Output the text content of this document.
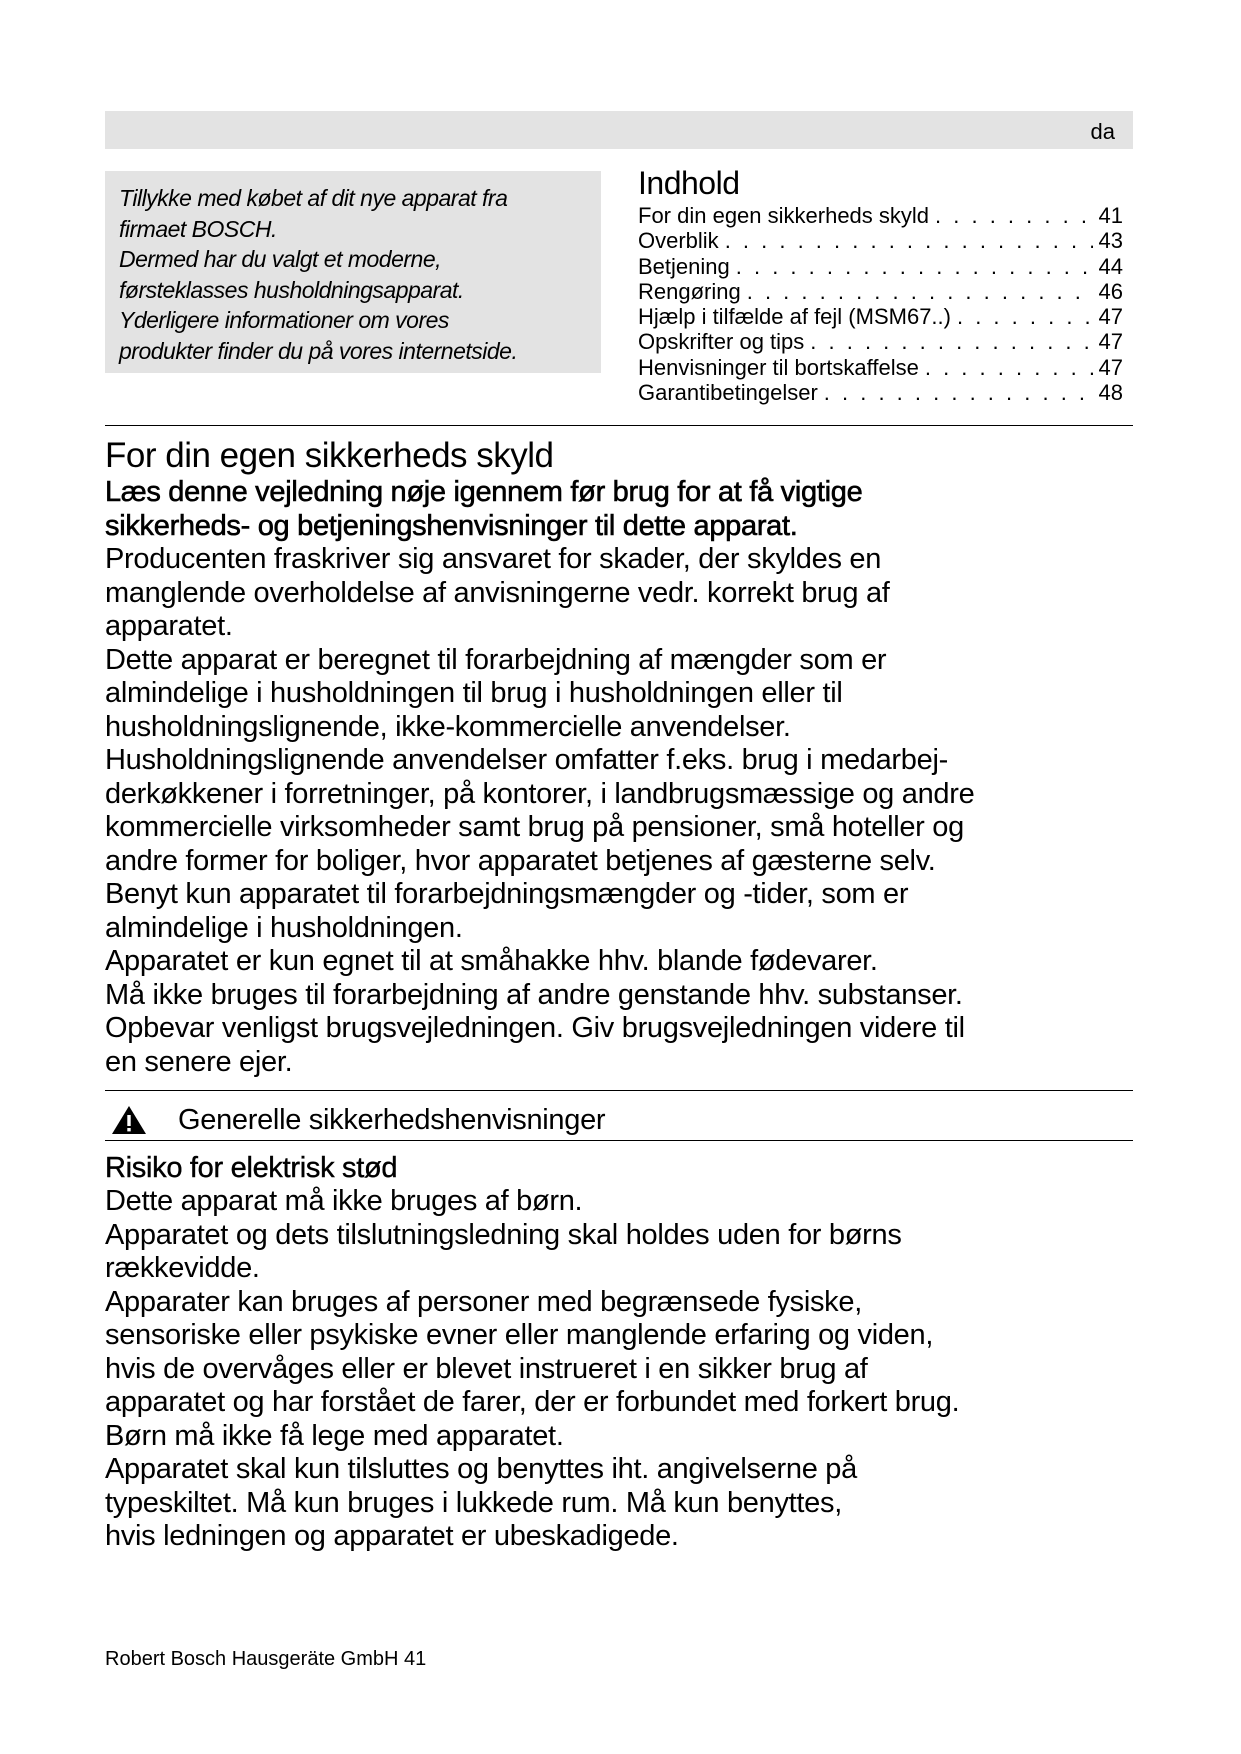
da

Tillykke med købet af dit nye apparat fra
firmaet BOSCH.
Dermed har du valgt et moderne,
førsteklasses husholdningsapparat.
Yderligere informationer om vores
produkter finder du på vores internetside.

Indhold
For din egen sikkerheds skyld . . .	41
Overblik . . .	43
Betjening . . .	44
Rengøring . . .	46
Hjælp i tilfælde af fejl (MSM67..) . . .	47
Opskrifter og tips . . .	47
Henvisninger til bortskaffelse . . .	47
Garantibetingelser . . .	48
For din egen sikkerheds skyld

Læs denne vejledning nøje igennem før brug for at få vigtige
sikkerheds- og betjeningshenvisninger til dette apparat.

Producenten fraskriver sig ansvaret for skader, der skyldes en
manglende overholdelse af anvisningerne vedr. korrekt brug af
apparatet.
Dette apparat er beregnet til forarbejdning af mængder som er
almindelige i husholdningen til brug i husholdningen eller til
husholdningslignende, ikke-kommercielle anvendelser.
Husholdningslignende anvendelser omfatter f.eks. brug i medarbej-
derkøkkener i forretninger, på kontorer, i landbrugsmæssige og andre
kommercielle virksomheder samt brug på pensioner, små hoteller og
andre former for boliger, hvor apparatet betjenes af gæsterne selv.
Benyt kun apparatet til forarbejdningsmængder og -tider, som er
almindelige i husholdningen.
Apparatet er kun egnet til at småhakke hhv. blande fødevarer.
Må ikke bruges til forarbejdning af andre genstande hhv. substanser.
Opbevar venligst brugsvejledningen. Giv brugsvejledningen videre til
en senere ejer.

Generelle sikkerhedshenvisninger
Risiko for elektrisk stød

Dette apparat må ikke bruges af børn.
Apparatet og dets tilslutningsledning skal holdes uden for børns
rækkevidde.
Apparater kan bruges af personer med begrænsede fysiske,
sensoriske eller psykiske evner eller manglende erfaring og viden,
hvis de overvåges eller er blevet instrueret i en sikker brug af
apparatet og har forstået de farer, der er forbundet med forkert brug.
Børn må ikke få lege med apparatet.
Apparatet skal kun tilsluttes og benyttes iht. angivelserne på
typeskiltet. Må kun bruges i lukkede rum. Må kun benyttes,
hvis ledningen og apparatet er ubeskadigede.

Robert Bosch Hausgeräte GmbH 41
